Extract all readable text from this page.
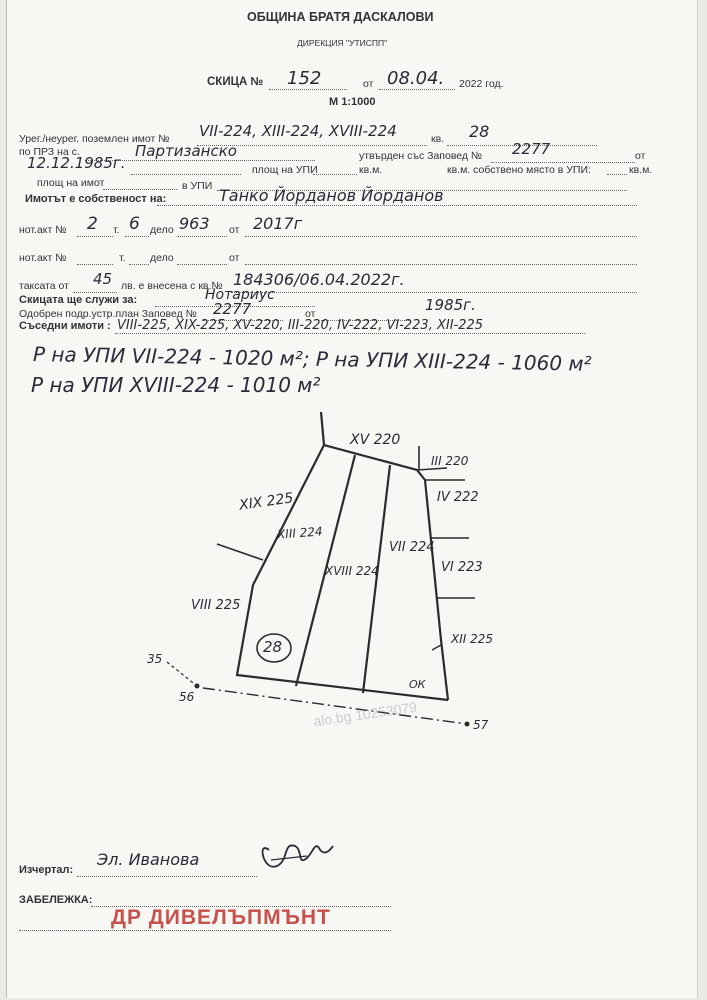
ОБЩИНА БРАТЯ ДАСКАЛОВИ
ДИРЕКЦИЯ "УТИСПП"
СКИЦА № 152	от 08.04. 2022 год.
М 1:1000
Урег./неурег. поземлен имот № VII-224, XIII-224, XVIII-224	кв. 28
по ПРЗ на с.	Партизанско	утвърден със Заповед № 2277	от
12.12.1985г.	площ на УПИ	кв.м.	кв.м. собствено място в УПИ:	кв.м.
площ на имот	в УПИ
Имотът е собственост на:	Танко Йорданов Йорданов
нот.акт № 2 т. 6 дело 963 от 2017г
нот.акт №	т. дело	от
таксата от 45 лв. е внесена с кв.№ 184306/06.04.2022г.
Скицата ще служи за:	Нотариус
Одобрен подр.устр.план Заповед № 2277	от	1985г.
Съседни имоти : VIII-225, XIX-225, XV-220, III-220, IV-222, VI-223, XII-225
Р на УПИ VII-224 - 1020 м²; Р на УПИ XIII-224 - 1060 м²
Р на УПИ XVIII-224 - 1010 м²
XV 220
III 220
XIX 225	IV 222
XIII 224
VII 224
XVIII 224	VI 223
VIII 225
XII 225
28
ОК
35
56
57
alo.bg 10253079
Изчертал:
Эл. Иванова
ЗАБЕЛЕЖКА:
ДР ДИВЕЛЪПМЪНТ
